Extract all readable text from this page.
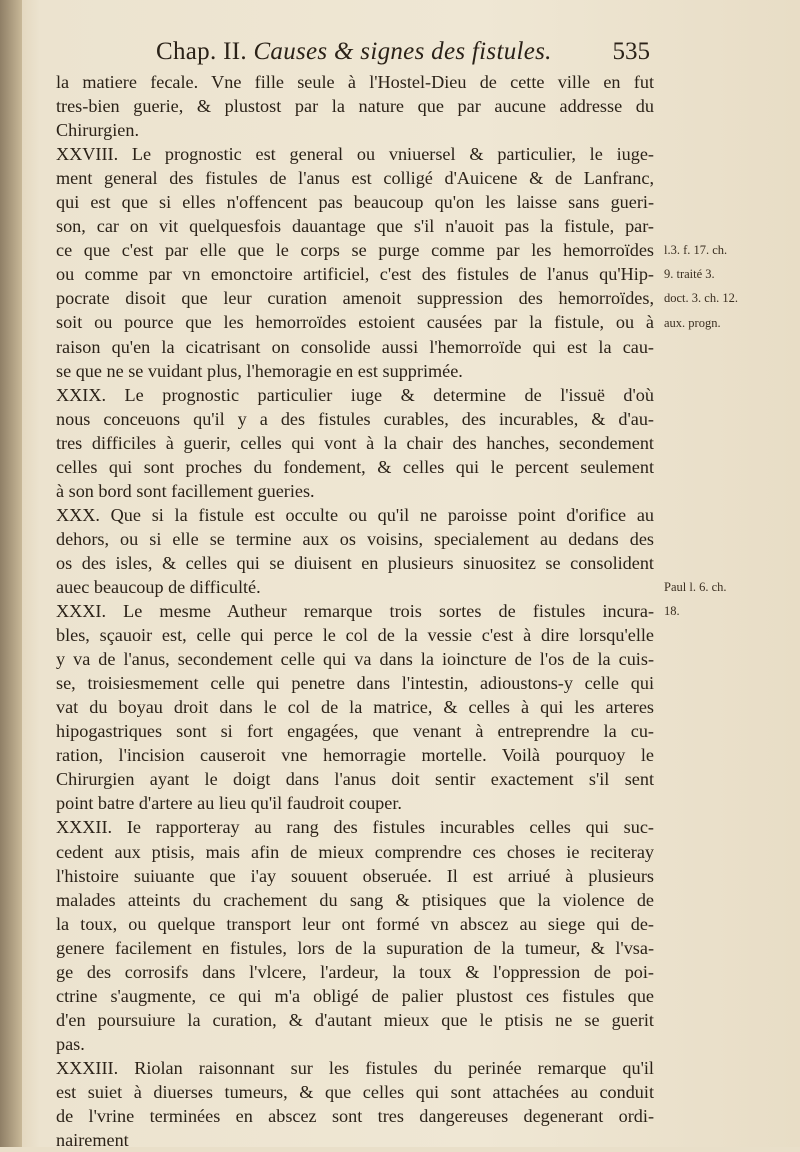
Chap. II. Causes & signes des fistules. 535
la matiere fecale. Vne fille seule à l'Hostel-Dieu de cette ville en fut
tres-bien guerie, & plustost par la nature que par aucune addresse du
Chirurgien.
XXVIII. Le prognostic est general ou vniuersel & particulier, le iuge-
ment general des fistules de l'anus est colligé d'Auicene & de Lanfranc,
qui est que si elles n'offencent pas beaucoup qu'on les laisse sans gueri-
son, car on vit quelquesfois dauantage que s'il n'auoit pas la fistule, par-
ce que c'est par elle que le corps se purge comme par les hemorroïdes
ou comme par vn emonctoire artificiel, c'est des fistules de l'anus qu'Hip-
pocrate disoit que leur curation amenoit suppression des hemorroïdes,
soit ou pource que les hemorroïdes estoient causées par la fistule, ou à
raison qu'en la cicatrisant on consolide aussi l'hemorroïde qui est la cau-
se que ne se vuidant plus, l'hemoragie en est supprimée.
XXIX. Le prognostic particulier iuge & determine de l'issuë d'où
nous conceuons qu'il y a des fistules curables, des incurables, & d'au-
tres difficiles à guerir, celles qui vont à la chair des hanches, secondement
celles qui sont proches du fondement, & celles qui le percent seulement
à son bord sont facillement gueries.
XXX. Que si la fistule est occulte ou qu'il ne paroisse point d'orifice au
dehors, ou si elle se termine aux os voisins, specialement au dedans des
os des isles, & celles qui se diuisent en plusieurs sinuositez se consolident
auec beaucoup de difficulté.
XXXI. Le mesme Autheur remarque trois sortes de fistules incura-
bles, sçauoir est, celle qui perce le col de la vessie c'est à dire lorsqu'elle
y va de l'anus, secondement celle qui va dans la ioincture de l'os de la cuis-
se, troisiesmement celle qui penetre dans l'intestin, adioustons-y celle qui
vat du boyau droit dans le col de la matrice, & celles à qui les arteres
hipogastriques sont si fort engagées, que venant à entreprendre la cu-
ration, l'incision causeroit vne hemorragie mortelle. Voilà pourquoy le
Chirurgien ayant le doigt dans l'anus doit sentir exactement s'il sent
point batre d'artere au lieu qu'il faudroit couper.
XXXII. Ie rapporteray au rang des fistules incurables celles qui suc-
cedent aux ptisis, mais afin de mieux comprendre ces choses ie reciteray
l'histoire suiuante que i'ay souuent obseruée. Il est arriué à plusieurs
malades atteints du crachement du sang & ptisiques que la violence de
la toux, ou quelque transport leur ont formé vn abscez au siege qui de-
genere facilement en fistules, lors de la supuration de la tumeur, & l'vsa-
ge des corrosifs dans l'vlcere, l'ardeur, la toux & l'oppression de poi-
ctrine s'augmente, ce qui m'a obligé de palier plustost ces fistules que
d'en poursuiure la curation, & d'autant mieux que le ptisis ne se guerit
pas.
XXXIII. Riolan raisonnant sur les fistules du perinée remarque qu'il
est suiet à diuerses tumeurs, & que celles qui sont attachées au conduit
de l'vrine terminées en abscez sont tres dangereuses degenerant ordi-
nairement
l.3. f. 17. ch.
9. traité 3.
doct. 3. ch. 12.
aux. progn.
Paul l. 6. ch.
18.
